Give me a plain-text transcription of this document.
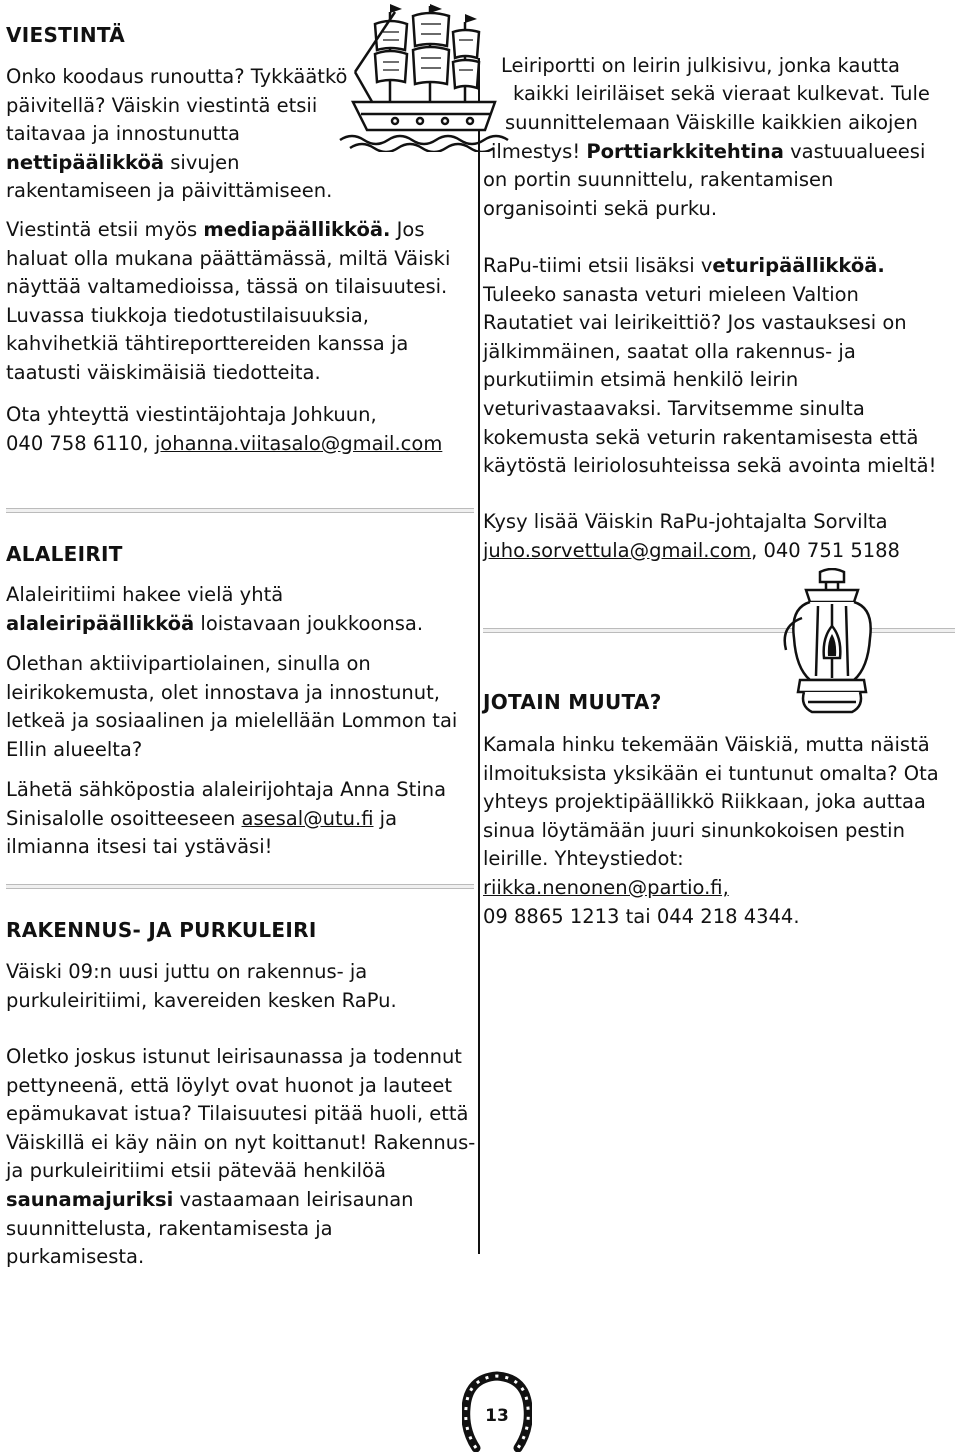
VIESTINTÄ

Onko koodaus runoutta? Tykkäätkö päivitellä? Väiskin viestintä etsii taitavaa ja innostunutta nettipäälikköä sivujen rakentamiseen ja päivittämiseen.

Viestintä etsii myös mediapäällikköä. Jos haluat olla mukana päättämässä, miltä Väiski näyttää valtamedioissa, tässä on tilaisuutesi. Luvassa tiukkoja tiedotustilaisuuksia, kahvihetkiä tähtireporttereiden kanssa ja taatusti väiskimäisiä tiedotteita.

Ota yhteyttä viestintäjohtaja Johkuun,
040 758 6110, johanna.viitasalo@gmail.com

ALALEIRIT

Alaleiritiimi hakee vielä yhtä alaleiripäällikköä loistavaan joukkoonsa.

Olethan aktiivipartiolainen, sinulla on leirikokemusta, olet innostava ja innostunut, letkeä ja sosiaalinen ja mielellään Lommon tai Ellin alueelta?

Lähetä sähköpostia alaleirijohtaja Anna Stina Sinisalolle osoitteeseen asesal@utu.fi ja ilmianna itsesi tai ystäväsi!

RAKENNUS- JA PURKULEIRI

Väiski 09:n uusi juttu on rakennus- ja purkuleiritiimi, kavereiden kesken RaPu.

Oletko joskus istunut leirisaunassa ja todennut pettyneenä, että löylyt ovat huonot ja lauteet epämukavat istua? Tilaisuutesi pitää huoli, että Väiskillä ei käy näin on nyt koittanut! Rakennus- ja purkuleiritiimi etsii pätevää henkilöä saunamajuriksi vastaamaan leirisaunan suunnittelusta, rakentamisesta ja purkamisesta.

Leiriportti on leirin julkisivu, jonka kautta

kaikki leiriläiset sekä vieraat kulkevat. Tule

suunnittelemaan Väiskille kaikkien aikojen

ilmestys! Porttiarkkitehtina vastuualueesi

on portin suunnittelu, rakentamisen organisointi sekä purku.

RaPu-tiimi etsii lisäksi veturipäällikköä. Tuleeko sanasta veturi mieleen Valtion Rautatiet vai leirikeittiö? Jos vastauksesi on jälkimmäinen, saatat olla rakennus- ja purkutiimin etsimä henkilö leirin veturivastaavaksi. Tarvitsemme sinulta kokemusta sekä veturin rakentamisesta että käytöstä leiriolosuhteissa sekä avointa mieltä!

Kysy lisää Väiskin RaPu-johtajalta Sorvilta
juho.sorvettula@gmail.com, 040 751 5188

JOTAIN MUUTA?

Kamala hinku tekemään Väiskiä, mutta näistä ilmoituksista yksikään ei tuntunut omalta? Ota yhteys projektipäällikkö Riikkaan, joka auttaa sinua löytämään juuri sinunkokoisen pestin leirille. Yhteystiedot:
riikka.nenonen@partio.fi,
09 8865 1213 tai 044 218 4344.

13
